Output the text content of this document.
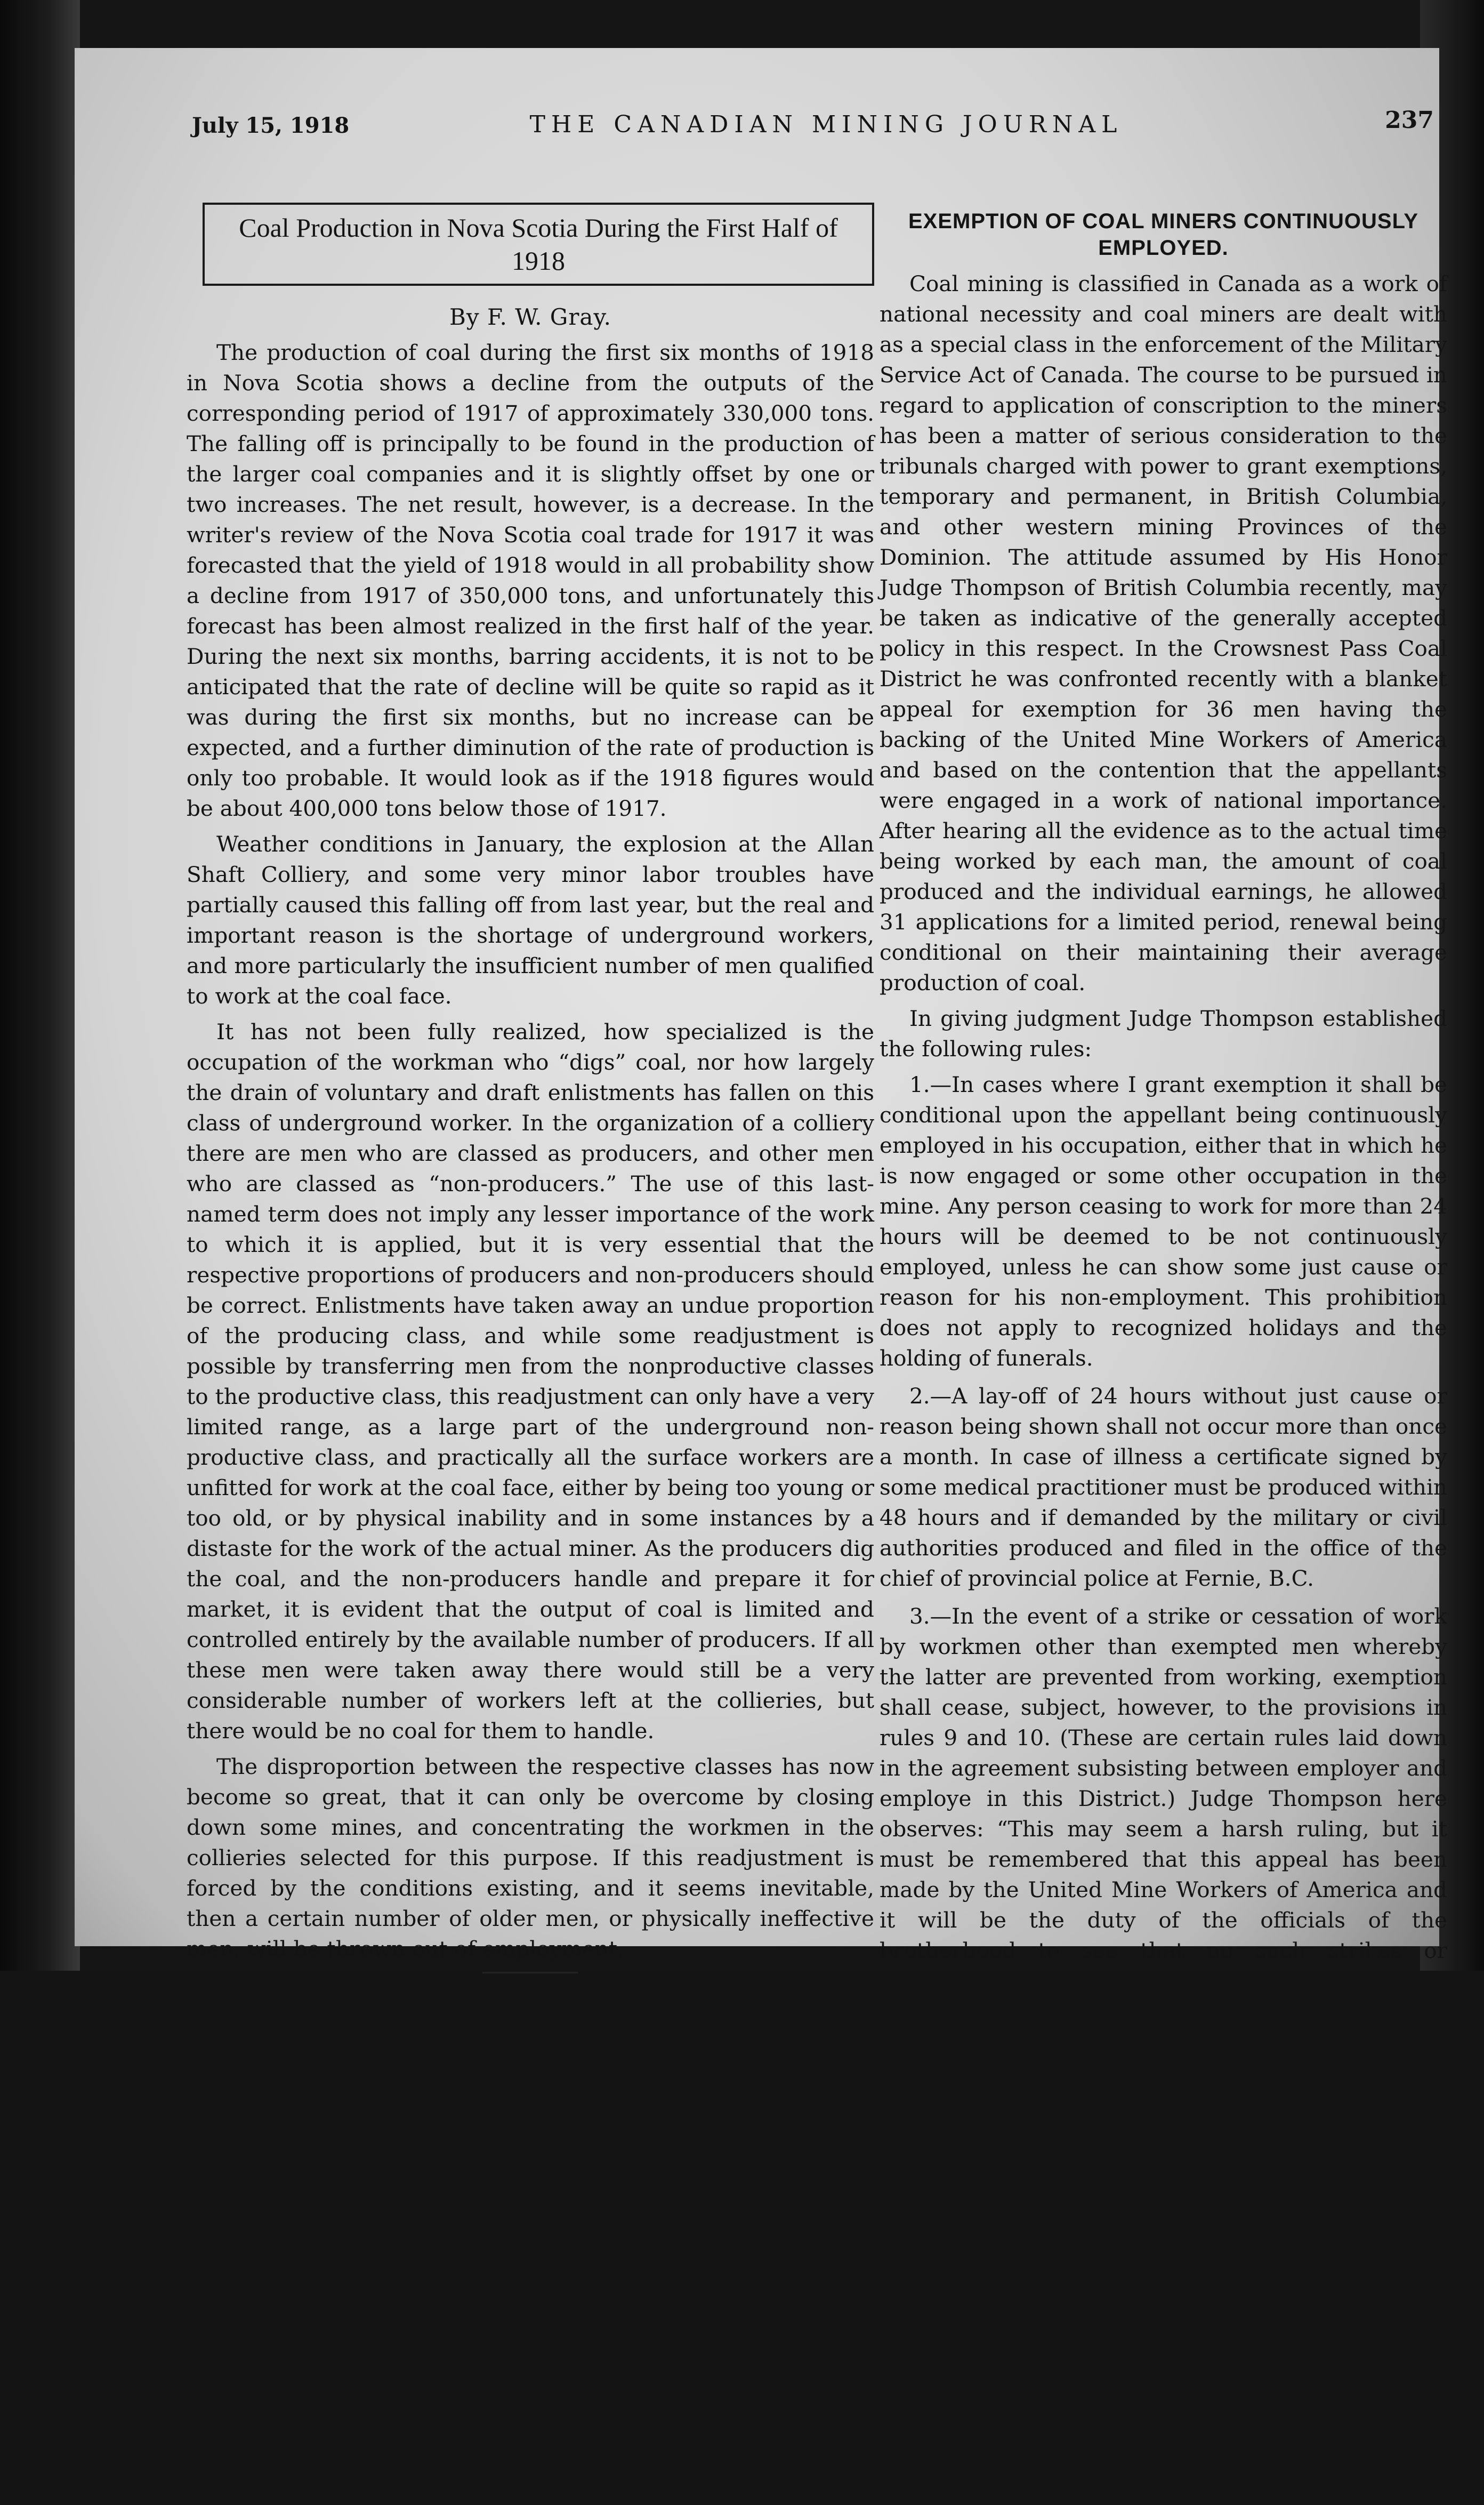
July 15, 1918	THE CANADIAN MINING JOURNAL	237
Coal Production in Nova Scotia During the First Half of 1918
By F. W. Gray.

The production of coal during the first six months of 1918 in Nova Scotia shows a decline from the outputs of the corresponding period of 1917 of approximately 330,000 tons. The falling off is principally to be found in the production of the larger coal companies and it is slightly offset by one or two increases. The net result, however, is a decrease. In the writer's review of the Nova Scotia coal trade for 1917 it was forecasted that the yield of 1918 would in all probability show a decline from 1917 of 350,000 tons, and unfortunately this forecast has been almost realized in the first half of the year. During the next six months, barring accidents, it is not to be anticipated that the rate of decline will be quite so rapid as it was during the first six months, but no increase can be expected, and a further diminution of the rate of production is only too probable. It would look as if the 1918 figures would be about 400,000 tons below those of 1917.

Weather conditions in January, the explosion at the Allan Shaft Colliery, and some very minor labor troubles have partially caused this falling off from last year, but the real and important reason is the shortage of underground workers, and more particularly the insufficient number of men qualified to work at the coal face.

It has not been fully realized, how specialized is the occupation of the workman who “digs” coal, nor how largely the drain of voluntary and draft enlistments has fallen on this class of underground worker. In the organization of a colliery there are men who are classed as producers, and other men who are classed as “non-producers.” The use of this last-named term does not imply any lesser importance of the work to which it is applied, but it is very essential that the respective proportions of producers and non-producers should be correct. Enlistments have taken away an undue proportion of the producing class, and while some readjustment is possible by transferring men from the nonproductive classes to the productive class, this readjustment can only have a very limited range, as a large part of the underground non-productive class, and practically all the surface workers are unfitted for work at the coal face, either by being too young or too old, or by physical inability and in some instances by a distaste for the work of the actual miner. As the producers dig the coal, and the non-producers handle and prepare it for market, it is evident that the output of coal is limited and controlled entirely by the available number of producers. If all these men were taken away there would still be a very considerable number of workers left at the collieries, but there would be no coal for them to handle.

The disproportion between the respective classes has now become so great, that it can only be overcome by closing down some mines, and concentrating the workmen in the collieries selected for this purpose. If this readjustment is forced by the conditions existing, and it seems inevitable, then a certain number of older men, or physically ineffective men, will be thrown out of employment.

A statement issued by the Standard Silver-Lead Mining Co. in Spokane, Washington, indicates that that company operated at a loss of $7,010 during the month of April, as against a profit of $26,255 in the preceding month.

EXEMPTION OF COAL MINERS CONTINUOUSLY EMPLOYED.

Coal mining is classified in Canada as a work of national necessity and coal miners are dealt with as a special class in the enforcement of the Military Service Act of Canada. The course to be pursued in regard to application of conscription to the miners has been a matter of serious consideration to the tribunals charged with power to grant exemptions, temporary and permanent, in British Columbia, and other western mining Provinces of the Dominion. The attitude assumed by His Honor Judge Thompson of British Columbia recently, may be taken as indicative of the generally accepted policy in this respect. In the Crowsnest Pass Coal District he was confronted recently with a blanket appeal for exemption for 36 men having the backing of the United Mine Workers of America and based on the contention that the appellants were engaged in a work of national importance. After hearing all the evidence as to the actual time being worked by each man, the amount of coal produced and the individual earnings, he allowed 31 applications for a limited period, renewal being conditional on their maintaining their average production of coal.

In giving judgment Judge Thompson established the following rules:

1.—In cases where I grant exemption it shall be conditional upon the appellant being continuously employed in his occupation, either that in which he is now engaged or some other occupation in the mine. Any person ceasing to work for more than 24 hours will be deemed to be not continuously employed, unless he can show some just cause or reason for his non-employment. This prohibition does not apply to recognized holidays and the holding of funerals.

2.—A lay-off of 24 hours without just cause or reason being shown shall not occur more than once a month. In case of illness a certificate signed by some medical practitioner must be produced within 48 hours and if demanded by the military or civil authorities produced and filed in the office of the chief of provincial police at Fernie, B.C.

3.—In the event of a strike or cessation of work by workmen other than exempted men whereby the latter are prevented from working, exemption shall cease, subject, however, to the provisions in rules 9 and 10. (These are certain rules laid down in the agreement subsisting between employer and employe in this District.) Judge Thompson here observes: “This may seem a harsh ruling, but it must be remembered that this appeal has been made by the United Mine Workers of America and it will be the duty of the officials of the brotherhood to see that no such strikes or cessations of work occur.”

4.—No exempted man shall occupy an official position or carry on work which will necessitate his absence from work at his usual occupation in the mines. In the event of any person to whom exemption is granted desiring to change his employment from one employer to another he may do so upon application being made in writing to me and a certificate allowed by me.

5.—In the event of any dispute arising between the military authorities and any person to whom exemption is granted, or in the event of the military authorities drafting, detaining or arresting an exempted man for alleged noncompliance with these rules, or from any cause, the matter shall be brought before me as speedily as possible for determination.
